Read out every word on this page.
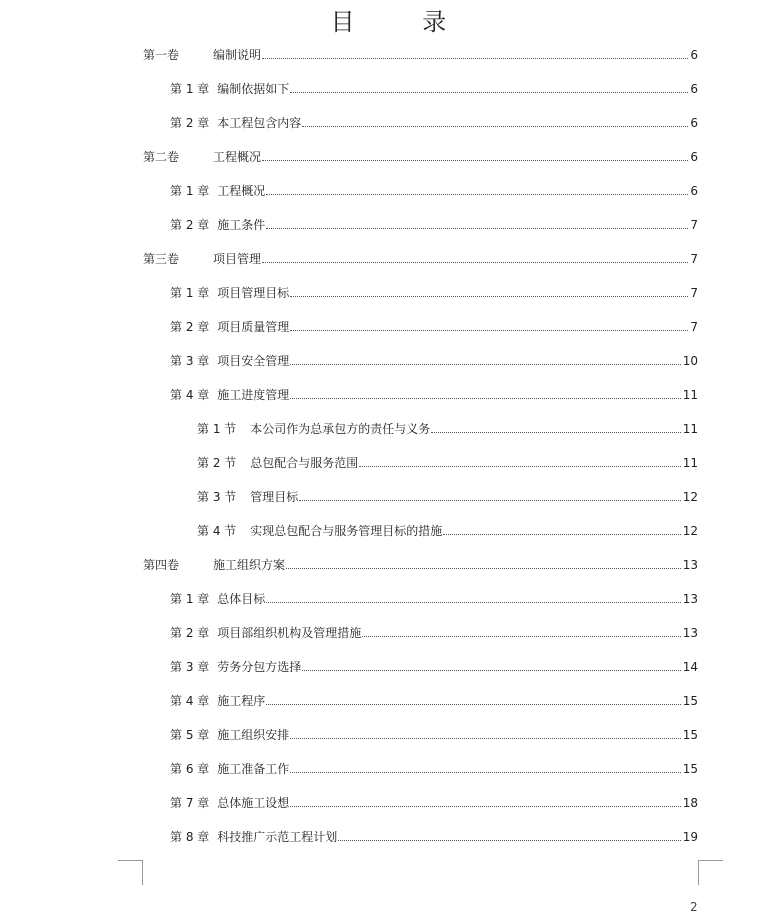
目 录
第一卷	编制说明	6
第 1 章 编制依据如下	6
第 2 章 本工程包含内容	6
第二卷	工程概况	6
第 1 章 工程概况	6
第 2 章 施工条件	7
第三卷	项目管理	7
第 1 章 项目管理目标	7
第 2 章 项目质量管理	7
第 3 章 项目安全管理	10
第 4 章 施工进度管理	11
第 1 节 本公司作为总承包方的责任与义务	11
第 2 节 总包配合与服务范围	11
第 3 节 管理目标	12
第 4 节 实现总包配合与服务管理目标的措施	12
第四卷	施工组织方案	13
第 1 章 总体目标	13
第 2 章 项目部组织机构及管理措施	13
第 3 章 劳务分包方选择	14
第 4 章 施工程序	15
第 5 章 施工组织安排	15
第 6 章 施工准备工作	15
第 7 章 总体施工设想	18
第 8 章 科技推广示范工程计划	19
2
